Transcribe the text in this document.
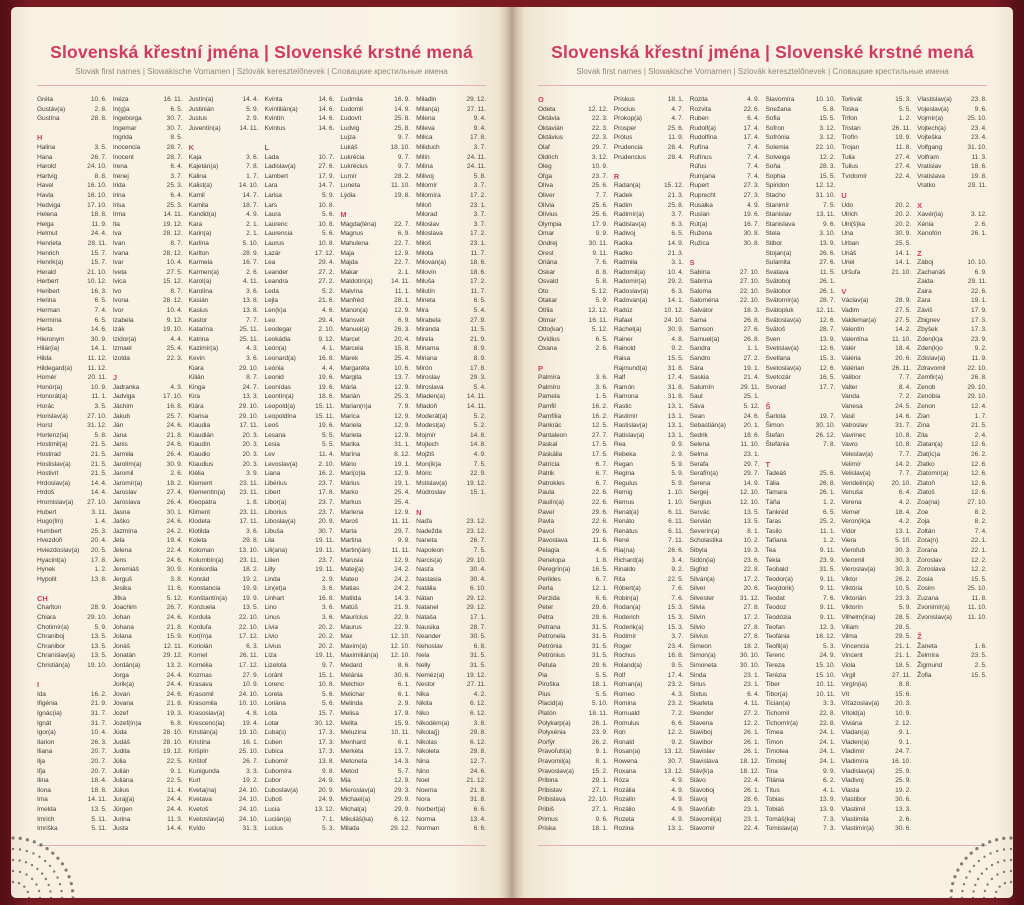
Slovenská křestní jména | Slovenské krstné mená
Slovak first names | Slowakische Vornamen | Szlovák keresztelőnevek | Словацкие крестильные имена
Gréta	10. 6.
Gustáv(a)	2. 8.
Gustína	28. 8.
H
Halina	3. 5.
Hana	26. 7.
Harold	24. 10.
Hartvig	8. 8.
Havel	16. 10.
Havla	16. 10.
Hedviga	17. 10.
Helena	18. 8.
Helga	11. 9.
Helmut	24. 4.
Henrieta	28. 11.
Henrich	15. 7.
Henrik(a)	15. 7.
Herald	21. 10.
Herbert	10. 12.
Heribert	16. 3.
Herina	6. 5.
Herman	7. 4.
Hermína	6. 5.
Herta	14. 6.
Hieronym	30. 9.
Hilár(ia)	14. 1.
Hilda	11. 12.
Hildegard(a) 11. 12.
Homér	20. 11.
Honór(a)	10. 9.
Honorát(a)	11. 1.
Horác	3. 5.
Horislav(a)	27. 10.
Horst	31. 12.
Hortenz(ia)	5. 8.
Hostimil(a)	21. 5.
Hostirad	21. 5.
Hostislav(a)	21. 5.
Hostivít	21. 5.
Hrdoslav(a)	14. 4.
Hrdoš	14. 4.
Hromislav(a) 27. 10.
Hubert	3. 11.
Hugo(lín)	1. 4.
Humbert	25. 3.
Hvezdoň	20. 4.
Hviezdoslav(a) 20. 5.
Hyacint(a)	17. 8.
Hynek	1. 2.
Hypolit	13. 8.
CH
Charlton	28. 9.
Chiara	29. 10.
Chotimír(a)	5. 9.
Chraniboj	13. 5.
Chranibor	13. 5.
Chranislav(a) 13. 5.
Christián(a)	19. 10.
I
Ida	16. 2.
Ifigénia	21. 9.
Ignác(ia)	31. 7.
Ignát	31. 7.
Igor(a)	10. 4.
Ilarion	26. 3.
Iliana	20. 7.
Ilja	20. 7.
Iľja	20. 7.
Ilina	18. 4.
Ilona	18. 8.
Ima	14. 11.
Imelda	13. 5.
Imrich	5. 11.
Imriška	5. 11.
Inéza	16. 11.
In(g)a	6. 5.
Ingeborga	30. 7.
Ingemar	30. 7.
Ingrida	8. 5.
Inocencia	28. 7.
Inocent	28. 7.
Irena	6. 4.
Irenej	3. 7.
Irida	25. 3.
Irina	6. 4.
Irisa	25. 3.
Irma	14. 11.
Ita	19. 12.
Iva	28. 12.
Ivan	8. 7.
Ivana	28. 12.
Ivar	10. 4.
Iveta	27. 5.
Ivica	15. 12.
Ivo	8. 7.
Ivona	28. 12.
Ivor	10. 4.
Izabela	9. 12.
Izák	19. 10.
Izidor(a)	4. 4.
Izmael	25. 4.
Izolda	22. 3.
J
Jadranka	4. 3.
Jadviga	17. 10.
Jáchim	16. 8.
Jakub	25. 7.
Ján	24. 6.
Jana	21. 8.
Janis	24. 6.
Jarmila	26. 4.
Jarolím(a)	30. 9.
Jaromil	2. 6.
Jaromír(a)	18. 2.
Jaroslav	27. 4.
Jaroslava	26. 4.
Jasna	30. 1.
Jaško	24. 6.
Jazmína	24. 2.
Jela	19. 4.
Jelena	22. 4.
Jens	24. 6.
Jeremiáš	30. 9.
Jerguš	3. 8.
Jesika	11. 6.
Jitka	5. 12.
Joachim	26. 7.
Johan	24. 6.
Johana	21. 8.
Jolana	15. 9.
Jonáš	12. 11.
Jonatán	29. 12.
Jordán(a)	13. 2.
Jorga	24. 4.
Jorik(a)	24. 4.
Jovan	24. 6.
Jovana	21. 8.
Jozef	19. 3.
Jozef(ín)a	6. 8.
Júda	28. 10.
Judáš	28. 10.
Judita	19. 12.
Júlia	22. 5.
Julián	9. 1.
Juliána	22. 5.
Július	11. 4.
Juraj(a)	24. 4.
Jürgen	24. 4.
Jurina	11. 3.
Justa	14. 4.
Justín(a)	14. 4.
Justinián	5. 9.
Justus	2. 9.
Juventín(a)	14. 11.
K
Kaja	3. 6.
Kajetán(a)	7. 8.
Kalina	1. 7.
Kalist(a)	14. 10.
Kamil	14. 7.
Kamila	18. 7.
Kandid(a)	4. 9.
Kara	2. 1.
Karin(a)	2. 1.
Karlína	5. 10.
Karlton	28. 9.
Karmela	16. 7.
Karmen(a)	2. 6.
Karol(a)	4. 11.
Karolína	3. 6.
Kasián	13. 8.
Kasius	13. 8.
Kastor	7. 7.
Katarína	25. 11.
Katrina	25. 11.
Kazimír(a)	4. 3.
Kevin	3. 6.
Kiara	29. 10.
Kilián	8. 7.
Kinga	24. 7.
Kira	13. 3.
Klára	29. 10.
Klarisa	29. 10.
Klaudia	17. 11.
Klaudián	20. 3.
Klaudín	20. 3.
Klaudio	20. 3.
Klaudius	20. 3.
Klélia	3. 9.
Klement	23. 11.
Klementín(a) 23. 11.
Kleopatra	1. 8.
Kliment	23. 11.
Klodeta	17. 11.
Klotilda	3. 6.
Koleta	29. 8.
Koloman	13. 10.
Kolumbín(a) 23. 11.
Konkordia	18. 2.
Konrád	19. 2.
Konstancia	19. 9.
Konštantín(a) 19. 9.
Konzuela	13. 5.
Kordula	22. 10.
Korduľa	22. 10.
Kor(ín)a	17. 12.
Koriolán	6. 3.
Kornel	26. 11.
Kornélia	17. 12.
Kozmas	27. 9.
Krasava	10. 9.
Krasomil	24. 10.
Krasomila	10. 10.
Krasoslav(a)	4. 8.
Krescenc(ia)	19. 4.
Kristián(a)	19. 10.
Kristína	16. 1.
Krišpín	25. 10.
Krištof	26. 7.
Kunigunda	3. 3.
Kurt	19. 2.
Kveta(na)	24. 10.
Kvetava	24. 10.
Kvetoš	24. 10.
Kvetoslav(a) 24. 10.
Kvído	31. 3.
Kvinta	14. 6.
Kvintilián(a)	14. 6.
Kvintín	14. 6.
Kvintus	14. 6.
L
Lada	10. 7.
Ladislav(a)	27. 6.
Lambert	17. 9.
Lara	14. 7.
Larisa	5. 9.
Lars	10. 8.
Laura	5. 6.
Laurenc	10. 8.
Laurencia	5. 6.
Laurus	10. 8.
Lazár	17. 12.
Lea	29. 4.
Leander	27. 2.
Leandra	27. 2.
Leda	5. 2.
Lejla	21. 6.
Len(k)a	4. 6.
Leo	29. 4.
Leodegar	2. 10.
Leokádia	9. 12.
León(a)	4. 1.
Leonard(a)	16. 8.
Leónia	4. 4.
Leonid	19. 6.
Leonídas	19. 6.
Leontín(a)	18. 6.
Leopold(a)	15. 11.
Leopoldína	15. 11.
Leoš	19. 6.
Lesana	5. 5.
Lesia	5. 5.
Lev	11. 4.
Levoslav(a)	2. 10.
Liana	16. 2.
Libérius	23. 7.
Libert	17. 8.
Libor(a)	23. 7.
Liborius	23. 7.
Liboslav(a)	20. 9.
Libuša	30. 7.
Lila	19. 11.
Lili(ana)	19. 11.
Lilien	23. 7.
Lilly	19. 11.
Linda	2. 9.
Lin(et)a	3. 6.
Linhart	16. 8.
Lino	3. 6.
Linus	3. 6.
Lívia	20. 2.
Lívio	20. 2.
Lívius	20. 2.
Líza	19. 11.
Lizelota	9. 7.
Loránt	15. 1.
Lorenc	10. 8.
Loreta	5. 6.
Loriána	5. 6.
Lota	15. 7.
Lotar	30. 12.
Ľuba(s)	17. 3.
Ľuben	17. 3.
Ľubica	17. 3.
Ľubomír	13. 8.
Ľubomíra	9. 8.
Ľubor	24. 9.
Ľuboslav(a)	20. 9.
Ľuboš	24. 9.
Lucia	13. 12.
Lucián(a)	7. 1.
Lucius	5. 3.
Ľudmila	16. 9.
Ľudomil	14. 9.
Ľudovít	25. 8.
Ludvig	25. 8.
Lujza	9. 7.
Lukáš	18. 10.
Lukrécia	9. 7.
Lukrécius	9. 7.
Lumír	28. 2.
Luneta	11. 10.
Lýdia	19. 8.
M
Magda(léna)	22. 7.
Magnus	6. 9.
Mahulena	22. 7.
Maja	12. 9.
Majda	22. 7.
Makar	2. 1.
Maldotín(a)	14. 11.
Malvína	11. 1.
Manfréd	28. 1.
Manon(a)	12. 9.
Mansvét	6. 9.
Manuel(a)	26. 3.
Marcel	20. 4.
Marcela	15. 8.
Marek	25. 4.
Margaréta	10. 6.
Margita	13. 7.
Mária	12. 9.
Marián	25. 3.
Marian(n)a	7. 9.
Marica	12. 9.
Mariela	12. 9.
Marieta	12. 9.
Marika	31. 1.
Marína	8. 12.
Mário	19. 1.
Mari(o)la	12. 9.
Márius	19. 1.
Marko	25. 4.
Markus	25. 4.
Marlena	12. 9.
Maroš	11. 11.
Marta	29. 7.
Martina	9. 9.
Martin(ián)	11. 11.
Marusia	12. 9.
Matej(a)	24. 2.
Mateo	24. 2.
Matias	24. 2.
Matilda	14. 3.
Matúš	21. 9.
Maurícius	22. 9.
Maurus	22. 9.
Max	12. 10.
Maxim(a)	12. 10.
Maximilián(a) 12. 10.
Medard	8. 6.
Melánia	30. 6.
Melchior	6. 1.
Melichar	6. 1.
Melinda	2. 9.
Melisa	17. 9.
Melita	15. 9.
Meluzína	10. 11.
Menhard	6. 1.
Merkéta	13. 7.
Metoneta	14. 3.
Metod	5. 7.
Mia	12. 9.
Mieroslav(a)	29. 3.
Michael(a)	29. 9.
Michal(a)	29. 9.
Mikuláš(ka)	6. 12.
Milada	29. 12.
Miladin	29. 12.
Milan(a)	27. 11.
Milena	9. 4.
Mileva	9. 4.
Milica	17. 8.
Miliduch	3. 7.
Milín	24. 11.
Milina	24. 11.
Milivoj	5. 8.
Milomír	3. 7.
Milomíra	17. 2.
Miloň	23. 1.
Milorad	3. 7.
Miloslav	3. 7.
Miloslava	17. 2.
Miloš	23. 1.
Milota	11. 7.
Milovan(a)	18. 6.
Milovín	18. 6.
Miluša	17. 2.
Milutín	11. 7.
Mineta	6. 5.
Mira	5. 4.
Mirabela	27. 9.
Miranda	11. 5.
Mirela	21. 9.
Miriama	8. 9.
Miriana	8. 9.
Mirón	17. 8.
Miroslav	29. 3.
Miroslava	5. 4.
Mladen(a)	14. 11.
Mladoň	14. 11.
Moderát(a)	5. 2.
Modest(a)	5. 2.
Mojmír	14. 8.
Mojtech	14. 8.
Mojžiš	4. 9.
Mon(ik)a	7. 5.
Móric	22. 9.
Mstislav(a)	19. 12.
Múdroslav	15. 1.
N
Naďa	23. 12.
Nadežda	23. 12.
Naneta	26. 7.
Napoleon	7. 5.
Narcis(a)	29. 10.
Nasťa	30. 4.
Nastasia	30. 4.
Natália	6. 10.
Nátan	29. 12.
Natanel	29. 12.
Nataša	17. 1.
Nausika	28. 7.
Neander	30. 5.
Nehoslav	6. 8.
Nela	31. 5.
Nelly	31. 5.
Neméz(a)	19. 12.
Nestor	27. 11.
Nika	4. 2.
Nikita	6. 12.
Niko	6. 12.
Nikodém(a)	3. 8.
Nikola(j)	29. 8.
Nikolas	6. 12.
Nikoleta	29. 8.
Nina	12. 7.
Nino	24. 6.
Noel	21. 12.
Noema	21. 8.
Nora	31. 8.
Norbert(a)	6. 6.
Norma	13. 4.
Norman	6. 6.
Slovenská křestní jména | Slovenské krstné mená
Slovak first names | Slowakische Vornamen | Szlovák keresztelőnevek | Словацкие крестильные имена
O
Odeta	12. 12.
Oktávia	22. 3.
Oktavián	22. 3.
Oktávius	22. 3.
Olaf	29. 7.
Oldrich	3. 12.
Oleg	10. 9.
Oľga	23. 7.
Olíva	25. 6.
Oliver	7. 7.
Olívia	25. 6.
Olívius	25. 6.
Olympia	17. 9.
Omar	9. 9.
Ondrej	30. 11.
Orest	9. 11.
Oriána	7. 6.
Oskar	8. 8.
Osvald	5. 8.
Oto	5. 12.
Otakar	5. 9.
Otília	12. 12.
Otmar	16. 11.
Otto(kar)	5. 12.
Ovídius	6. 5.
Oxana	2. 6.
P
Palmíra	3. 6.
Palmíro	3. 6.
Pamela	1. 5.
Pamfil	16. 2.
Pamfília	16. 2.
Pankrác	12. 5.
Pantaleon	27. 7.
Paskal	17. 5.
Paskália	17. 5.
Patrícia	6. 7.
Patrik	6. 7.
Patrokles	6. 7.
Paula	22. 6.
Paulín(a)	22. 6.
Pavel	29. 6.
Pavla	22. 6.
Pavol	29. 6.
Pavoslava	11. 6.
Pelagia	4. 5.
Penelopa	1. 8.
Peregrín(a)	16. 5.
Perikles	6. 7.
Perla	12. 1.
Perzida	6. 6.
Peter	29. 6.
Petra	29. 6.
Petrana	31. 5.
Petronela	31. 5.
Petrónia	31. 5.
Petrónius	31. 5.
Petula	29. 6.
Pia	5. 5.
Piroška	18. 1.
Pius	5. 5.
Placid(a)	5. 10.
Platón	18. 11.
Polykarp(a)	26. 1.
Polyxénia	23. 9.
Porfýr	26. 2.
Pravoľub(a)	9. 1.
Pravomil(a)	8. 1.
Pravoslav(a)	15. 2.
Pribina	29. 1.
Pribislav	27. 1.
Pribislava	22. 10.
Pribiš	27. 1.
Primus	9. 6.
Priska	18. 1.
Priskus	18. 1.
Procius	4. 7.
Prokop(a)	4. 7.
Prosper	25. 6.
Prótus	11. 9.
Prudencia	28. 4.
Prudencius	28. 4.
R
Radan(a)	15. 12.
Radek	21. 3.
Radim	25. 8.
Radimír(a)	3. 7.
Radislav(a)	6. 3.
Radivoj	6. 5.
Radka	14. 9.
Radko	21. 3.
Radmila	3. 1.
Radomil(a)	10. 4.
Radomír(a)	29. 2.
Radoslav(a)	6. 3.
Radovan(a)	14. 1.
Radúz	10. 12.
Rafael	24. 10.
Ráchel(a)	30. 9.
Rainer	4. 8.
Rainold	9. 2.
Raisa	15. 5.
Rajmund(a)	31. 8.
Ralf	17. 4.
Ramón	31. 8.
Ramona	31. 8.
Rastic	13. 1.
Rastimír	13. 1.
Rastislav(a)	13. 1.
Ratislav(a)	13. 1.
Rea	9. 9.
Rebeka	2. 9.
Regan	5. 9.
Regína	5. 9.
Regulus	5. 9.
Remig	1. 10.
Remus	1. 10.
Renát(a)	6. 11.
Renáto	6. 11.
Renátus	6. 11.
René	7. 11.
Ria(na)	26. 6.
Richard(a)	3. 4.
Rinaldo	9. 2.
Rita	22. 5.
Róbert(a)	7. 6.
Robin(a)	7. 6.
Rodan(a)	15. 3.
Roderich	15. 3.
Roderik(a)	15. 3.
Rodimír	3. 7.
Roger	23. 4.
Rochus	16. 8.
Roland(a)	9. 5.
Rolf	17. 4.
Roman(a)	23. 2.
Romeo	4. 3.
Romina	23. 2.
Romuald	7. 2.
Romulus	6. 6.
Ron	12. 2.
Ronald	9. 2.
Rosan(a)	13. 12.
Rowena	30. 7.
Roxana	13. 12.
Róza	4. 9.
Rozália	4. 9.
Rozalín	4. 9.
Rozálio	4. 9.
Rozeta	4. 9.
Rozina	13. 1.
Rozita	4. 9.
Rozvita	22. 6.
Ruben	6. 4.
Rudolf(a)	17. 4.
Rudolfína	17. 4.
Rufína	7. 4.
Rufínus	7. 4.
Rúfus	7. 4.
Rumjana	7. 4.
Rupert	27. 3.
Ruprecht	27. 3.
Rusalka	4. 9.
Ruslan	19. 6.
Rút(a)	16. 7.
Ružena	30. 8.
Ružica	30. 8.
S
Sabína	27. 10.
Sabrína	27. 10.
Saloma	22. 10.
Saloména	22. 10.
Salvátor	18. 3.
Sama	26. 8.
Samson	27. 6.
Samuel(a)	26. 8.
Sandra	1. 1.
Sandro	27. 2.
Sára	19. 1.
Saskia	21. 4.
Saturnín	29. 11.
Saul	25. 1.
Sáva	5. 12.
Sean	24. 6.
Sebastián(a)	20. 1.
Sedrik	18. 6.
Selena	11. 10.
Selma	23. 1.
Serafa	29. 7.
Serafín(a)	29. 7.
Serena	14. 9.
Sergej	12. 10.
Sergius	12. 10.
Servác	13. 5.
Servián	13. 5.
Severín(a)	8. 1.
Scholastika	10. 2.
Sibyla	19. 3.
Sidón(ia)	23. 6.
Sigfrid	22. 8.
Silván(a)	17. 2.
Silver	20. 6.
Silvester	31. 12.
Silvia	27. 8.
Silvín	17. 2.
Silvio	27. 8.
Silvius	27. 8.
Simeon	18. 2.
Simon(a)	30. 10.
Simoneta	30. 10.
Sinda	23. 1.
Sirius	23. 1.
Sixtus	6. 4.
Skarleta	4. 11.
Skender	27. 2.
Slavena	12. 2.
Slaviboj	26. 1.
Slavibor	26. 1.
Slavislav	26. 1.
Slavislava	18. 12.
Sláv(k)a	18. 12.
Slávo	22. 4.
Slavoboj	26. 1.
Slavoj	28. 6.
Slavoľub	23. 1.
Slavomil(a)	23. 1.
Slavomír	22. 4.
Slavomíra	10. 10.
Snežana	5. 8.
Sofia	15. 5.
Sofron	3. 12.
Sofrónia	3. 12.
Solemia	22. 10.
Solveiga	12. 2.
Soňa	28. 3.
Sophia	15. 5.
Spiridon	12. 12.
Stacho	31. 10.
Stanimír	7. 5.
Stanislav	13. 11.
Stanislava	9. 6.
Stela	3. 10.
Stibor	13. 9.
Stojan(a)	26. 6.
Sulamita	27. 6.
Svatava	11. 5.
Svätoboj	26. 1.
Svätobor	26. 1.
Svätomír(a)	28. 7.
Svätopluk	12. 11.
Svätoslav(a)	12. 6.
Svätoš	28. 7.
Sven	13. 9.
Svetislav(a)	12. 6.
Svetlana	15. 3.
Svetoslav(a)	12. 6.
Svetozár	16. 5.
Svorad	17. 7.
Š
Šarlota	19. 7.
Šimon	30. 10.
Štefan	26. 12.
Štefánia	7. 8.
T
Tadeáš	25. 6.
Tália	26. 8.
Tamara	26. 1.
Táňa	1. 2.
Tankréd	6. 5.
Taras	25. 2.
Tasilo	11. 1.
Taťiana	1. 2.
Tea	9. 11.
Tekla	23. 9.
Teobald	31. 5.
Teodor(a)	9. 11.
Teo(dorik)	9. 11.
Teodat	7. 6.
Teodoz	9. 11.
Teodózia	9. 11.
Teofan	12. 3.
Teofánia	16. 12.
Teofil(a)	5. 3.
Terenc	24. 9.
Tereza	15. 10.
Terézia	15. 10.
Tiber	10. 11.
Tibor(a)	10. 11.
Tician(a)	3. 3.
Tichomil	22. 8.
Tichomír(a)	22. 8.
Timea	24. 1.
Timon	24. 1.
Timotea	24. 1.
Timotej	24. 1.
Tina	9. 9.
Titánia	6. 2.
Títus	4. 1.
Tobias	13. 9.
Tobiáš	13. 9.
Tomáš(ka)	7. 3.
Tomislav(a)	7. 3.
Torkvát	15. 3.
Toska	5. 5.
Trifon	1. 2.
Tristan	26. 11.
Trofín	19. 9.
Trojan	11. 8.
Tulia	27. 4.
Tulius	27. 4.
Tvrdomír	22. 4.
U
Udo	20. 2.
Ulrich	20. 2.
Ulri(š)ka	20. 2.
Una	30. 9.
Urban	25. 5.
Uriáš	14. 1.
Uriel	14. 1.
Uršuľa	21. 10.
V
Václav(a)	28. 9.
Vadim	27. 5.
Valdemar(a)	27. 5.
Valentín	14. 2.
Valentína	11. 10.
Valér	18. 4.
Valéria	20. 6.
Valérian	26. 11.
Valibor	7. 7.
Valter	8. 4.
Vanda	7. 2.
Vanesa	24. 5.
Vasil	14. 6.
Vatroslav	31. 7.
Vavrinec	10. 8.
Vavro	10. 8.
Veleslav(a)	7. 7.
Velimír	14. 2.
Velislav(a)	7. 7.
Vendelín(a)	20. 10.
Venuša	6. 4.
Verena	4. 2.
Verner	18. 4.
Veron(ik)a	4. 2.
Vidor	13. 1.
Viera	5. 10.
Vieroľub	30. 3.
Vieromil	30. 3.
Vieroslav(a)	30. 3.
Viktor	26. 2.
Viktória	10. 5.
Viktorián	23. 3.
Viktorín	5. 9.
Vilhelm(ína)	28. 5.
Viliam	28. 5.
Vilma	29. 5.
Vincencia	21. 1.
Vincent	21. 1.
Viola	18. 5.
Virgil	27. 11.
Virgín(ia)	8. 8.
Vít	15. 6.
Víťazoslav(a) 20. 3.
Vítold(a)	10. 9.
Viviána	2. 12.
Vladan(a)	9. 1.
Vladen(a)	9. 1.
Vladimír	24. 7.
Vladimíra	16. 10.
Vladislav(a)	25. 9.
Vladivoj	25. 9.
Vlasta	19. 2.
Vlastibor	30. 6.
Vlastimil	13. 3.
Vlastimila	2. 6.
Vlastimír(a)	30. 6.
Vlastislav(a)	23. 8.
Vojeslav(a)	9. 6.
Vojmír(a)	25. 10.
Vojtech(a)	23. 4.
Vojteška	23. 4.
Volfgang	31. 10.
Volfram	11. 3.
Vratislav	18. 6.
Vratislava	19. 8.
Vratko	29. 11.
X
Xavér(ia)	3. 12.
Xénia	2. 6.
Xenofón	26. 1.
Z
Záboj	10. 10.
Zachariáš	6. 9.
Zaida	29. 11.
Zaira	22. 6.
Zara	19. 1.
Záviš	17. 9.
Zbignev	17. 3.
Zbyšek	17. 3.
Zden(k)a	23. 9.
Zden(k)o	9. 2.
Zdislav(a)	11. 9.
Zdravomil	22. 10.
Zemfir(a)	26. 8.
Zenob	29. 10.
Zenóbia	29. 10.
Zenon	12. 4.
Zian	1. 7.
Zina	21. 5.
Zita	2. 4.
Zlatan(a)	12. 6.
Zlat(ic)a	26. 2.
Zlatko	12. 6.
Zlatomír(a)	12. 6.
Zlatoň	12. 6.
Zlatoš	12. 6.
Zoa(na)	27. 10.
Zoe	8. 2.
Zoja	8. 2.
Zoltán	7. 4.
Zora(n)	22. 1.
Zorana	22. 1.
Zoroslav	12. 2.
Zoroslava	12. 2.
Zosia	15. 5.
Zosim	25. 10.
Zuzana	11. 8.
Zvonimír(a)	11. 10.
Zvonislav(a) 11. 10.
Ž
Žaneta	1. 6.
Želmíra	23. 5.
Žigmund	2. 5.
Žofia	15. 5.
